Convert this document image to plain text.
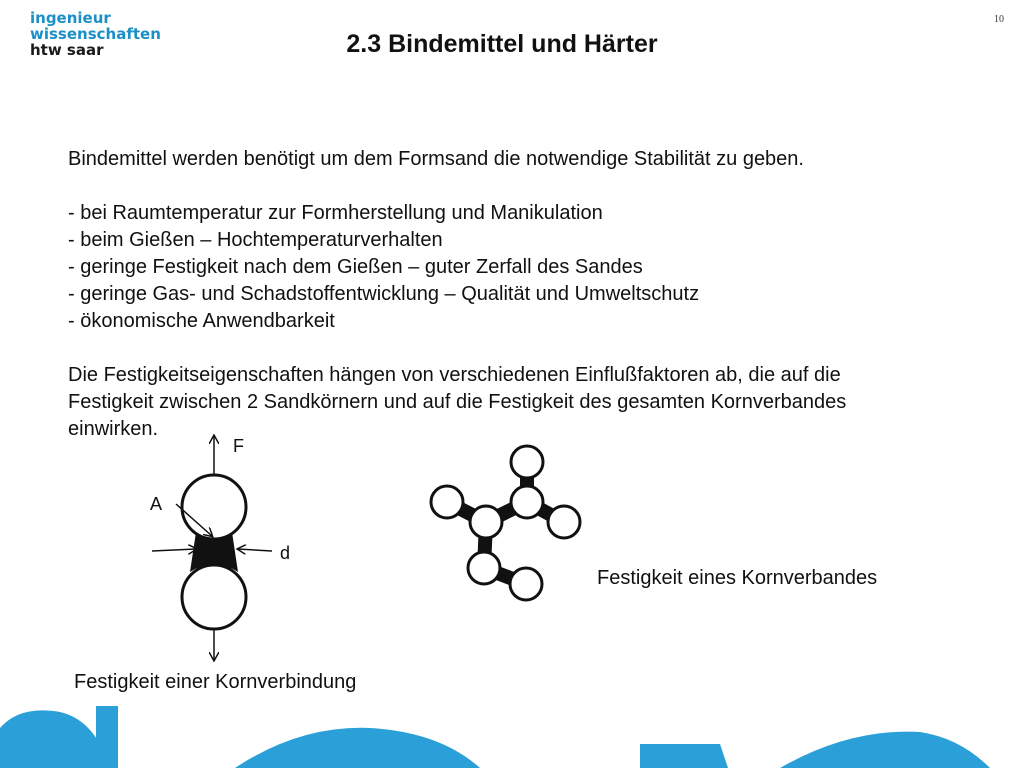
ingenieur
wissenschaften
htw saar
10
2.3 Bindemittel und Härter

Bindemittel werden benötigt um dem Formsand die notwendige Stabilität zu geben.

- bei Raumtemperatur zur Formherstellung und Manikulation

- beim Gießen – Hochtemperaturverhalten

- geringe Festigkeit nach dem Gießen – guter Zerfall des Sandes

- geringe Gas- und Schadstoffentwicklung – Qualität und Umweltschutz

- ökonomische Anwendbarkeit

Die Festigkeitseigenschaften hängen von verschiedenen Einflußfaktoren ab, die auf die

Festigkeit zwischen 2 Sandkörnern und auf die Festigkeit des gesamten Kornverbandes

einwirken.

F
A
d
Festigkeit eines Kornverbandes
Festigkeit einer Kornverbindung
